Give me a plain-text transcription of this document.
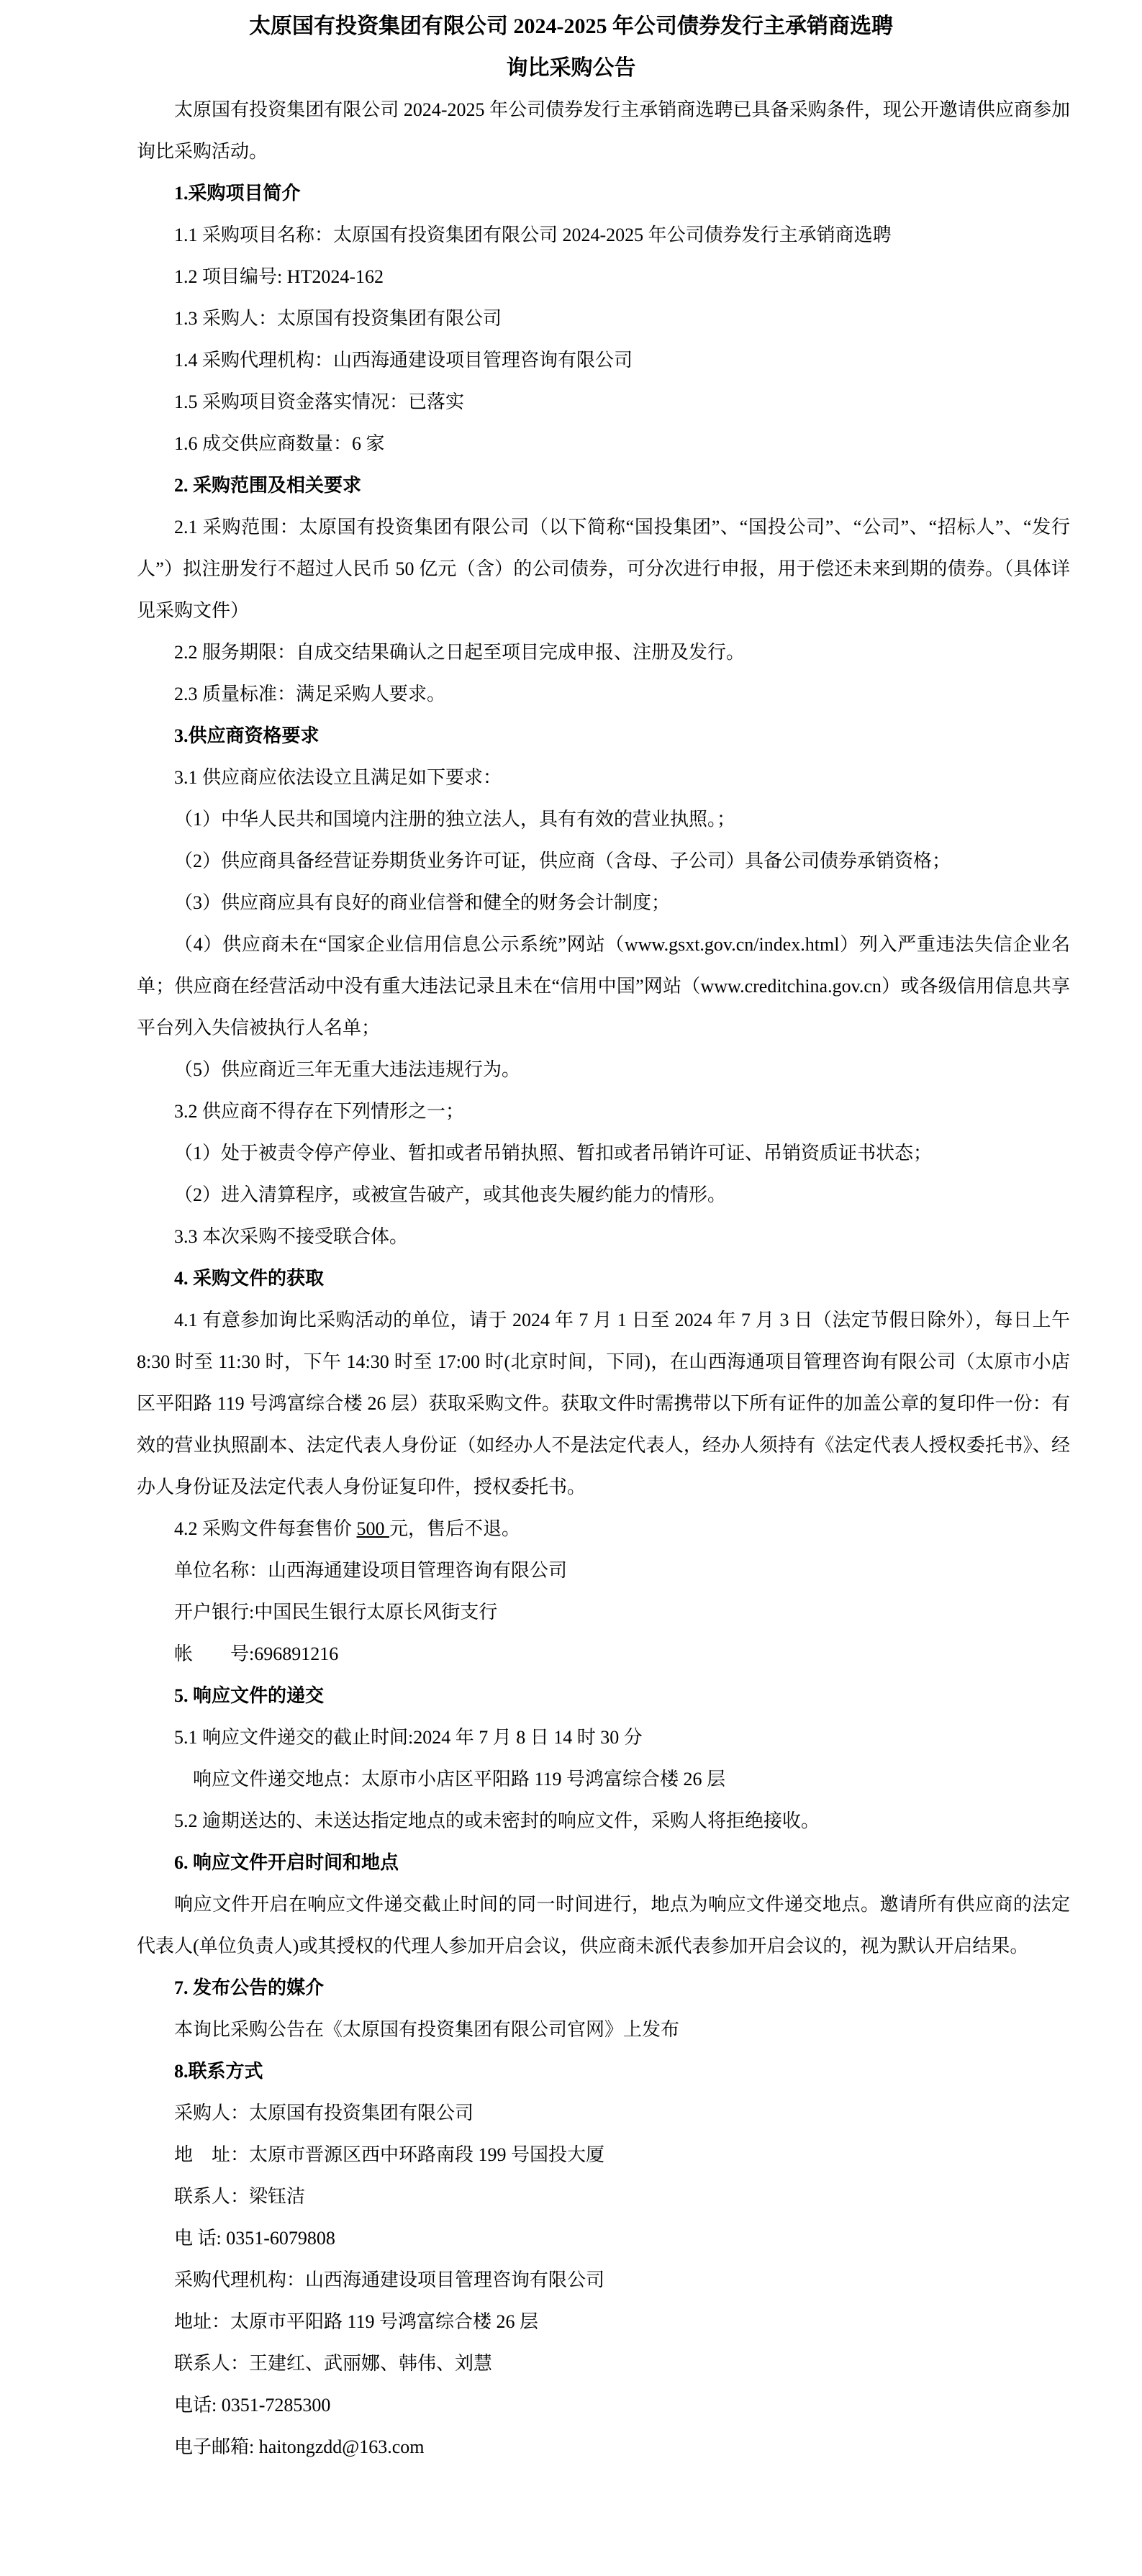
太原国有投资集团有限公司 2024-2025 年公司债券发行主承销商选聘

询比采购公告

太原国有投资集团有限公司 2024-2025 年公司债券发行主承销商选聘已具备采购条件，现公开邀请供应商参加询比采购活动。

1.采购项目简介

1.1 采购项目名称：太原国有投资集团有限公司 2024-2025 年公司债券发行主承销商选聘

1.2 项目编号: HT2024-162

1.3 采购人：太原国有投资集团有限公司

1.4 采购代理机构：山西海通建设项目管理咨询有限公司

1.5 采购项目资金落实情况：已落实

1.6 成交供应商数量：6 家

2. 采购范围及相关要求

2.1 采购范围：太原国有投资集团有限公司（以下简称“国投集团”、“国投公司”、“公司”、“招标人”、“发行人”）拟注册发行不超过人民币 50 亿元（含）的公司债券，可分次进行申报，用于偿还未来到期的债券。（具体详见采购文件）

2.2 服务期限：自成交结果确认之日起至项目完成申报、注册及发行。

2.3 质量标准：满足采购人要求。

3.供应商资格要求

3.1 供应商应依法设立且满足如下要求：

（1）中华人民共和国境内注册的独立法人，具有有效的营业执照。；

（2）供应商具备经营证券期货业务许可证，供应商（含母、子公司）具备公司债券承销资格；

（3）供应商应具有良好的商业信誉和健全的财务会计制度；

（4）供应商未在“国家企业信用信息公示系统”网站（www.gsxt.gov.cn/index.html）列入严重违法失信企业名单；供应商在经营活动中没有重大违法记录且未在“信用中国”网站（www.creditchina.gov.cn）或各级信用信息共享平台列入失信被执行人名单；

（5）供应商近三年无重大违法违规行为。

3.2 供应商不得存在下列情形之一；

（1）处于被责令停产停业、暂扣或者吊销执照、暂扣或者吊销许可证、吊销资质证书状态；

（2）进入清算程序，或被宣告破产，或其他丧失履约能力的情形。

3.3 本次采购不接受联合体。

4. 采购文件的获取

4.1 有意参加询比采购活动的单位，请于 2024 年 7 月 1 日至 2024 年 7 月 3 日（法定节假日除外），每日上午 8:30 时至 11:30 时，下午 14:30 时至 17:00 时(北京时间，下同)，在山西海通项目管理咨询有限公司（太原市小店区平阳路 119 号鸿富综合楼 26 层）获取采购文件。获取文件时需携带以下所有证件的加盖公章的复印件一份：有效的营业执照副本、法定代表人身份证（如经办人不是法定代表人，经办人须持有《法定代表人授权委托书》、经办人身份证及法定代表人身份证复印件，授权委托书。

4.2 采购文件每套售价 500 元，售后不退。

单位名称：山西海通建设项目管理咨询有限公司

开户银行:中国民生银行太原长风街支行

帐　　号:696891216

5. 响应文件的递交

5.1 响应文件递交的截止时间:2024 年 7 月 8 日 14 时 30 分

响应文件递交地点：太原市小店区平阳路 119 号鸿富综合楼 26 层

5.2 逾期送达的、未送达指定地点的或未密封的响应文件，采购人将拒绝接收。

6. 响应文件开启时间和地点

响应文件开启在响应文件递交截止时间的同一时间进行，地点为响应文件递交地点。邀请所有供应商的法定代表人(单位负责人)或其授权的代理人参加开启会议，供应商未派代表参加开启会议的，视为默认开启结果。

7. 发布公告的媒介

本询比采购公告在《太原国有投资集团有限公司官网》上发布

8.联系方式

采购人：太原国有投资集团有限公司

地　址：太原市晋源区西中环路南段 199 号国投大厦

联系人：梁钰洁

电 话: 0351-6079808

采购代理机构：山西海通建设项目管理咨询有限公司

地址：太原市平阳路 119 号鸿富综合楼 26 层

联系人：王建红、武丽娜、韩伟、刘慧

电话: 0351-7285300

电子邮箱: haitongzdd@163.com
